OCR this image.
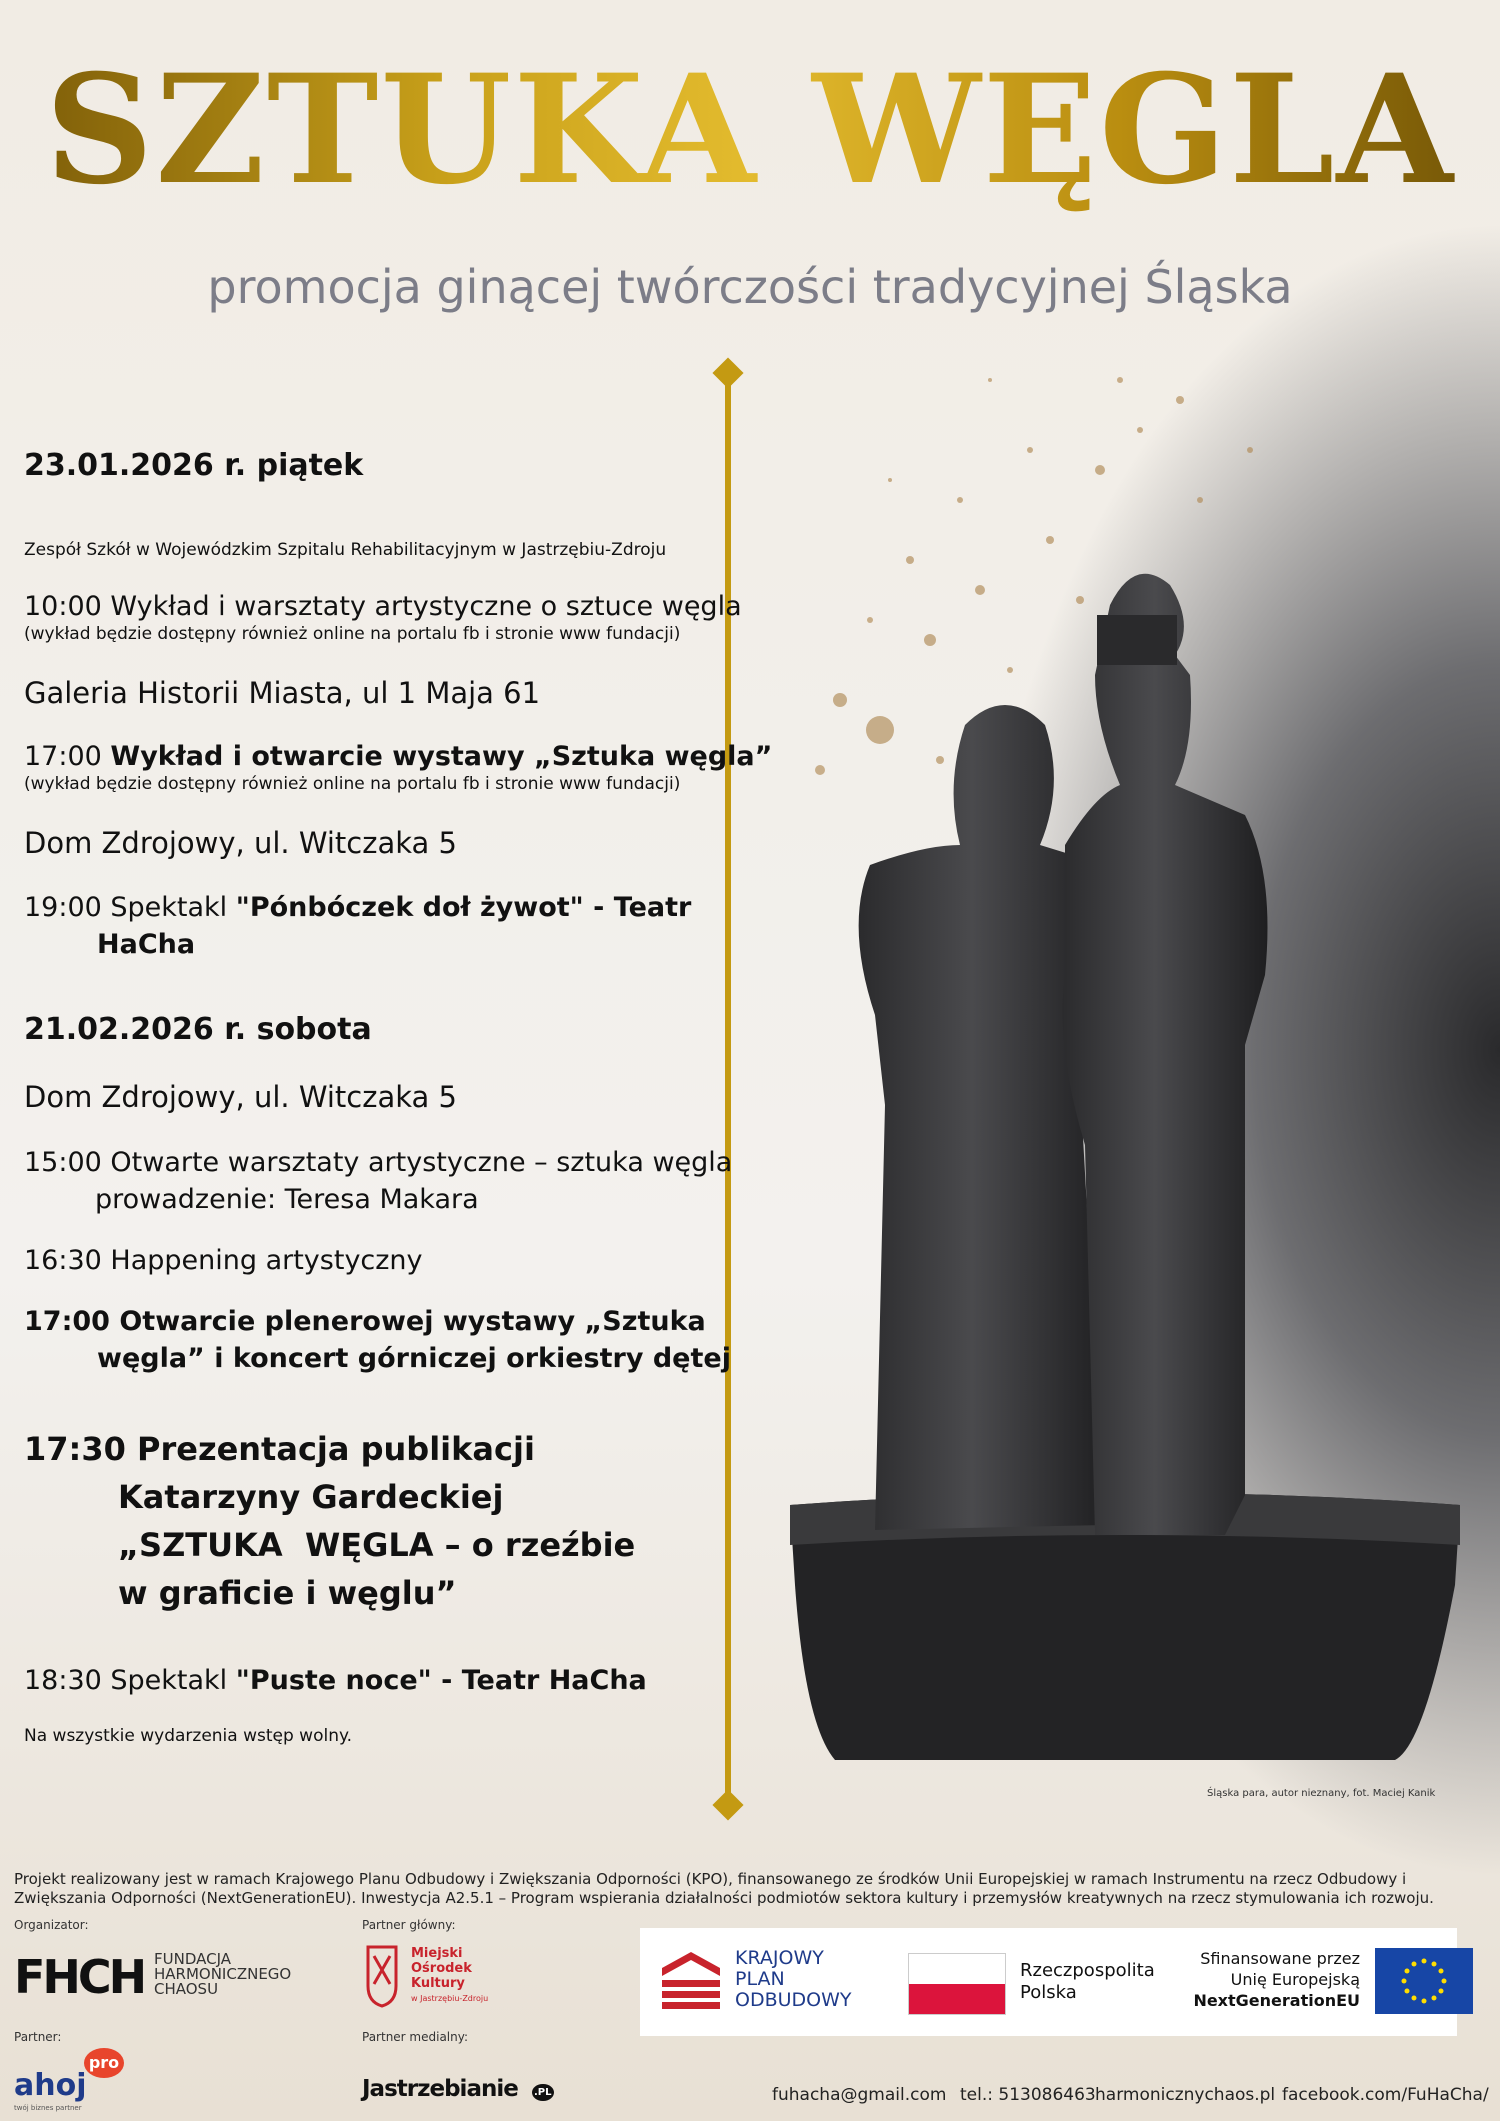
SZTUKA WĘGLA
promocja ginącej twórczości tradycyjnej Śląska
23.01.2026 r. piątek
Zespół Szkół w Wojewódzkim Szpitalu Rehabilitacyjnym w Jastrzębiu-Zdroju
10:00 Wykład i warsztaty artystyczne o sztuce węgla
(wykład będzie dostępny również online na portalu fb i stronie www fundacji)
Galeria Historii Miasta, ul 1 Maja 61
17:00 Wykład i otwarcie wystawy „Sztuka węgla”
(wykład będzie dostępny również online na portalu fb i stronie www fundacji)
Dom Zdrojowy, ul. Witczaka 5
19:00 Spektakl "Pónbóczek doł żywot" - Teatr
HaCha
21.02.2026 r. sobota
Dom Zdrojowy, ul. Witczaka 5
15:00 Otwarte warsztaty artystyczne – sztuka węgla
prowadzenie: Teresa Makara
16:30 Happening artystyczny
17:00 Otwarcie plenerowej wystawy „Sztuka
węgla” i koncert górniczej orkiestry dętej
17:30 Prezentacja publikacji
Katarzyny Gardeckiej
„SZTUKA  WĘGLA – o rzeźbie
w graficie i węglu”
18:30 Spektakl "Puste noce" - Teatr HaCha
Na wszystkie wydarzenia wstęp wolny.
Śląska para, autor nieznany, fot. Maciej Kanik
Projekt realizowany jest w ramach Krajowego Planu Odbudowy i Zwiększania Odporności (KPO), finansowanego ze środków Unii Europejskiej w ramach Instrumentu na rzecz Odbudowy i Zwiększania Odporności (NextGenerationEU). Inwestycja A2.5.1 – Program wspierania działalności podmiotów sektora kultury i przemysłów kreatywnych na rzecz stymulowania ich rozwoju.
Organizator:	Partner główny:
Partner:	Partner medialny:
FHCH FUNDACJA
HARMONICZNEGO
CHAOSU
Miejski
Ośrodek
Kultury
w Jastrzębiu-Zdroju
ahoj
pro
twój biznes partner
Jastrzebianie .PL
KRAJOWY
PLAN
ODBUDOWY
Rzeczpospolita
Polska
Sfinansowane przez
Unię Europejską
NextGenerationEU
fuhacha@gmail.com tel.: 513086463 harmonicznychaos.pl facebook.com/FuHaCha/
